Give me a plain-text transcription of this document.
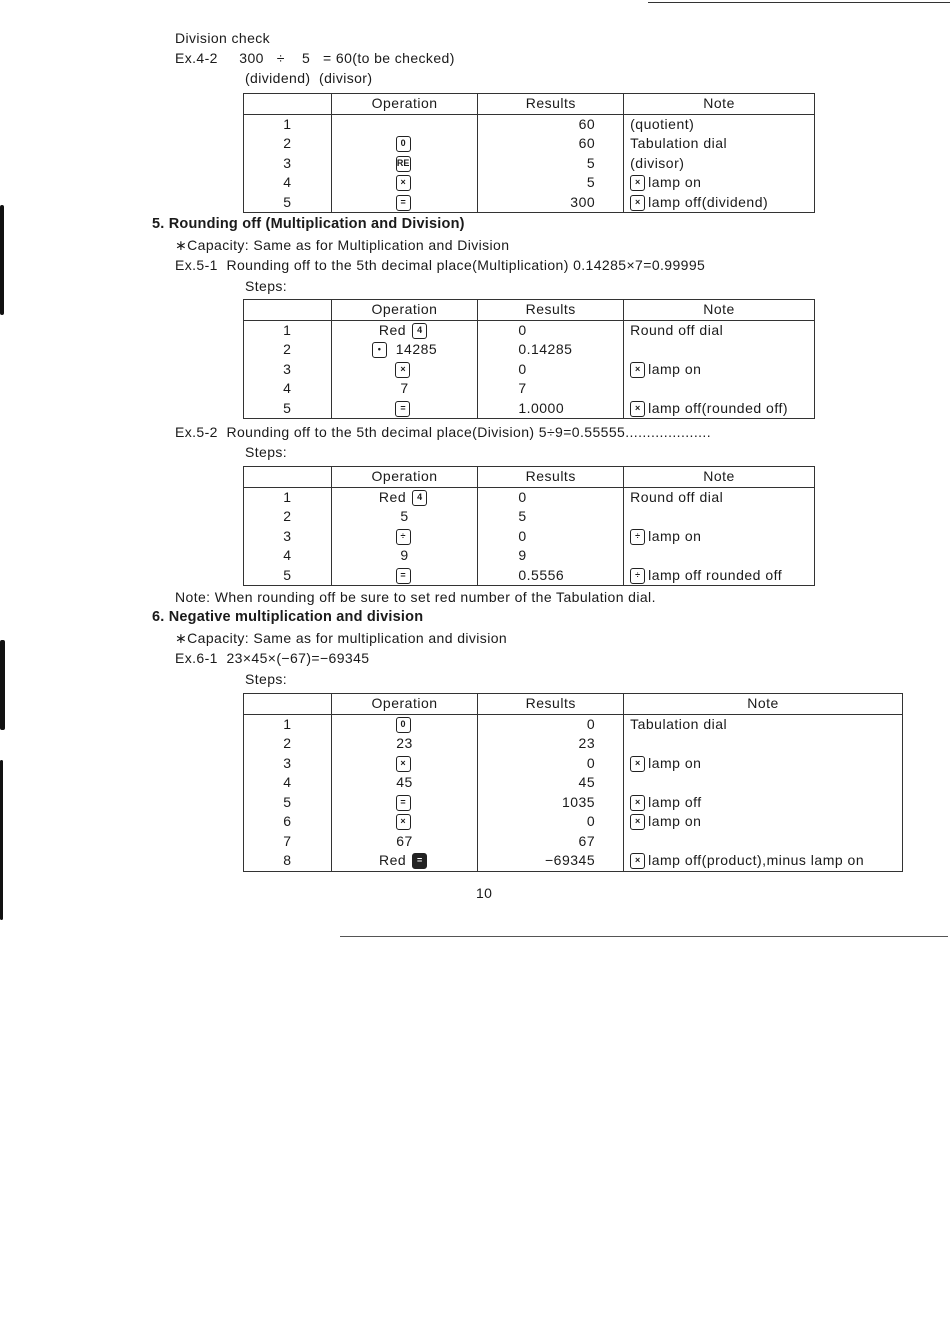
Division check
Ex.4-2     300   ÷    5   = 60(to be checked)
(dividend)  (divisor)
	Operation	Results	Note
1		60	(quotient)
2	0	60	Tabulation dial
3	RE	5	(divisor)
4	×	5	× lamp on
5	=	300	× lamp off(dividend)
5. Rounding off (Multiplication and Division)
∗Capacity: Same as for Multiplication and Division
Ex.5-1  Rounding off to the 5th decimal place(Multiplication) 0.14285×7=0.99995
Steps:
	Operation	Results	Note
1	Red 4	0	Round off dial
2	• 14285	0.14285	
3	×	0	× lamp on
4	7	7	
5	=	1.0000	× lamp off(rounded off)
Ex.5-2  Rounding off to the 5th decimal place(Division) 5÷9=0.55555....................
Steps:
	Operation	Results	Note
1	Red 4	0	Round off dial
2	5	5	
3	÷	0	÷ lamp on
4	9	9	
5	=	0.5556	÷ lamp off rounded off
Note: When rounding off be sure to set red number of the Tabulation dial.
6. Negative multiplication and division
∗Capacity: Same as for multiplication and division
Ex.6-1  23×45×(−67)=−69345
Steps:
	Operation	Results	Note
1	0	0	Tabulation dial
2	23	23	
3	×	0	× lamp on
4	45	45	
5	=	1035	× lamp off
6	×	0	× lamp on
7	67	67	
8	Red =	−69345	× lamp off(product),minus lamp on
10
